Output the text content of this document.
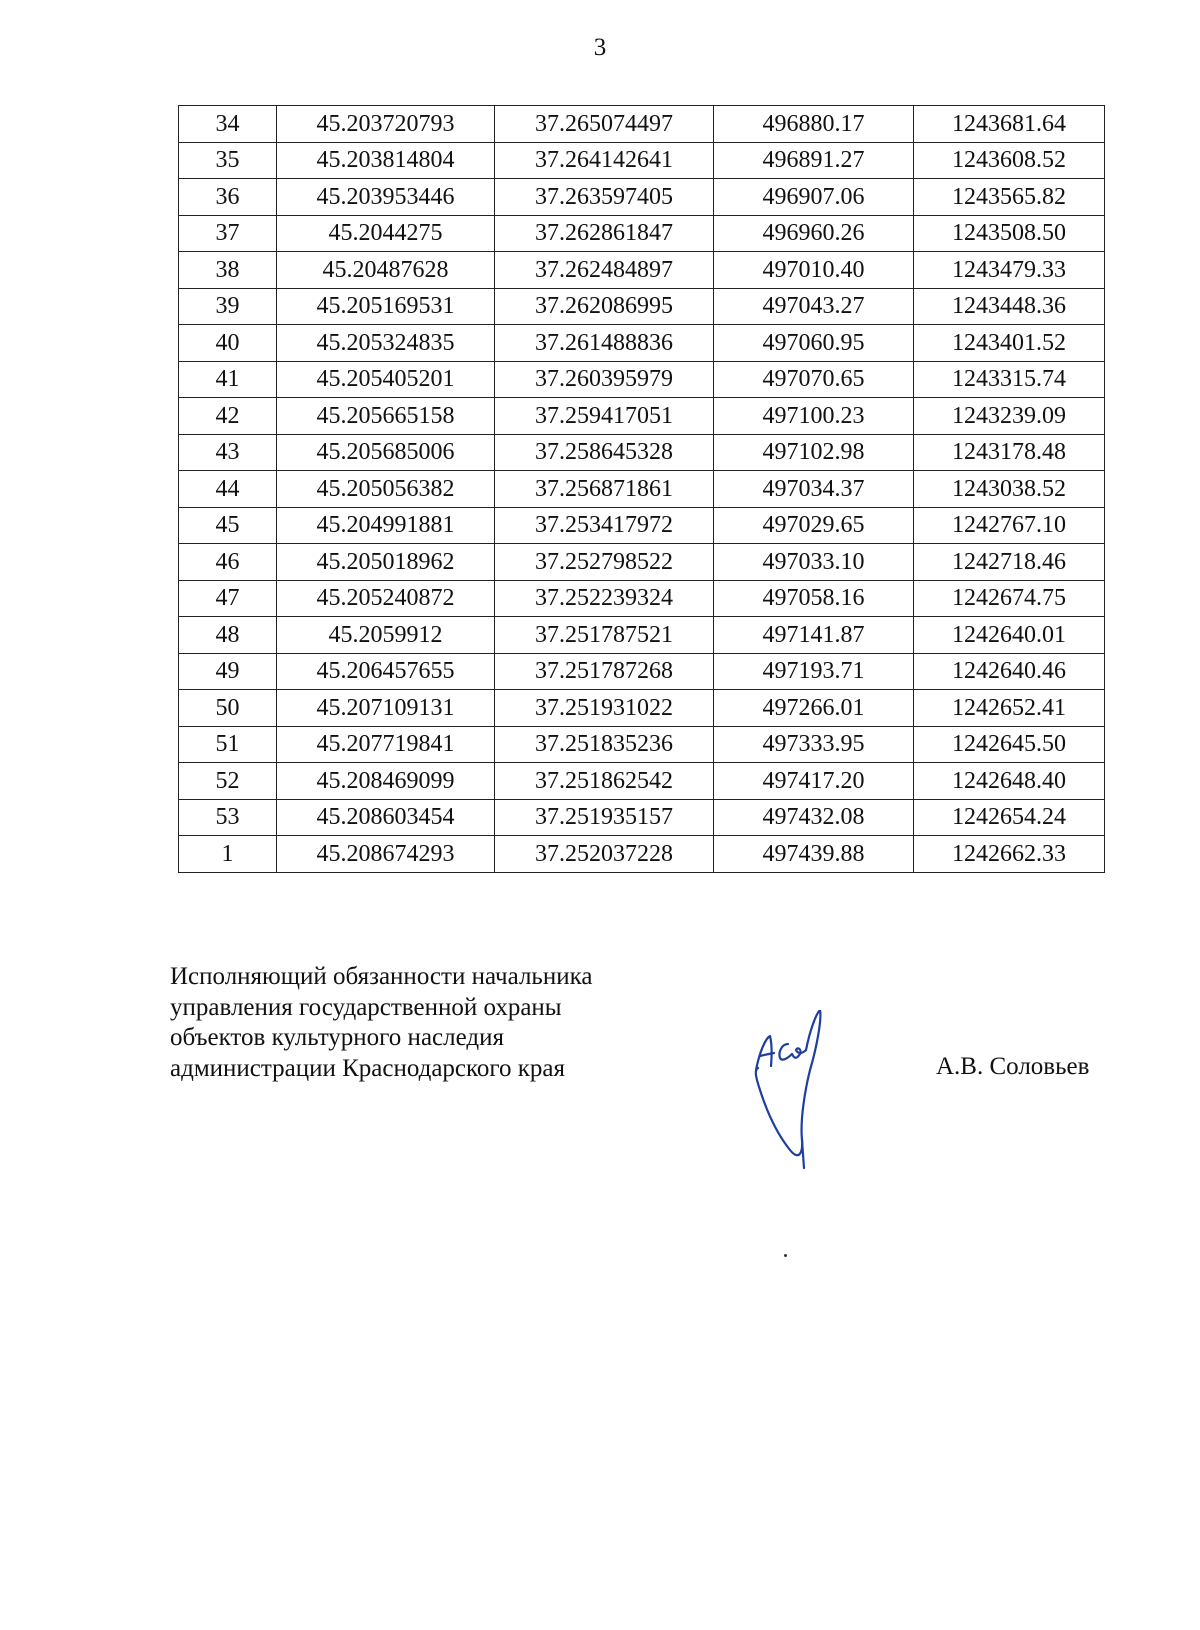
3
34	45.203720793	37.265074497	496880.17	1243681.64
35	45.203814804	37.264142641	496891.27	1243608.52
36	45.203953446	37.263597405	496907.06	1243565.82
37	45.2044275	37.262861847	496960.26	1243508.50
38	45.20487628	37.262484897	497010.40	1243479.33
39	45.205169531	37.262086995	497043.27	1243448.36
40	45.205324835	37.261488836	497060.95	1243401.52
41	45.205405201	37.260395979	497070.65	1243315.74
42	45.205665158	37.259417051	497100.23	1243239.09
43	45.205685006	37.258645328	497102.98	1243178.48
44	45.205056382	37.256871861	497034.37	1243038.52
45	45.204991881	37.253417972	497029.65	1242767.10
46	45.205018962	37.252798522	497033.10	1242718.46
47	45.205240872	37.252239324	497058.16	1242674.75
48	45.2059912	37.251787521	497141.87	1242640.01
49	45.206457655	37.251787268	497193.71	1242640.46
50	45.207109131	37.251931022	497266.01	1242652.41
51	45.207719841	37.251835236	497333.95	1242645.50
52	45.208469099	37.251862542	497417.20	1242648.40
53	45.208603454	37.251935157	497432.08	1242654.24
1	45.208674293	37.252037228	497439.88	1242662.33
Исполняющий обязанности начальника
управления государственной охраны
объектов культурного наследия
администрации Краснодарского края	А.В. Соловьев
